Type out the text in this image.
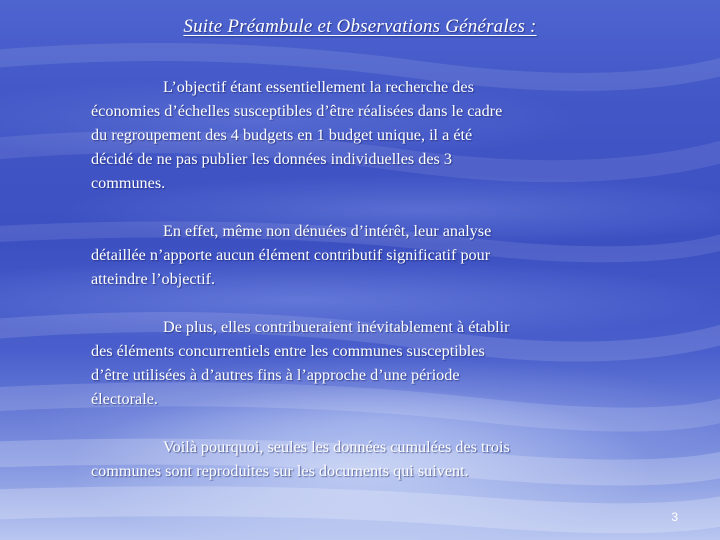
Suite Préambule et Observations Générales :

L’objectif étant essentiellement la recherche des
économies d’échelles susceptibles d’être réalisées dans le cadre
du regroupement des 4 budgets en 1 budget unique, il a été
décidé de ne pas publier les données individuelles des 3
communes.

En effet, même non dénuées d’intérêt, leur analyse
détaillée n’apporte aucun élément contributif significatif pour
atteindre l’objectif.

De plus, elles contribueraient inévitablement à établir
des éléments concurrentiels entre les communes susceptibles
d’être utilisées à d’autres fins à l’approche d’une période
électorale.

Voilà pourquoi, seules les données cumulées des trois
communes sont reproduites sur les documents qui suivent.

3
